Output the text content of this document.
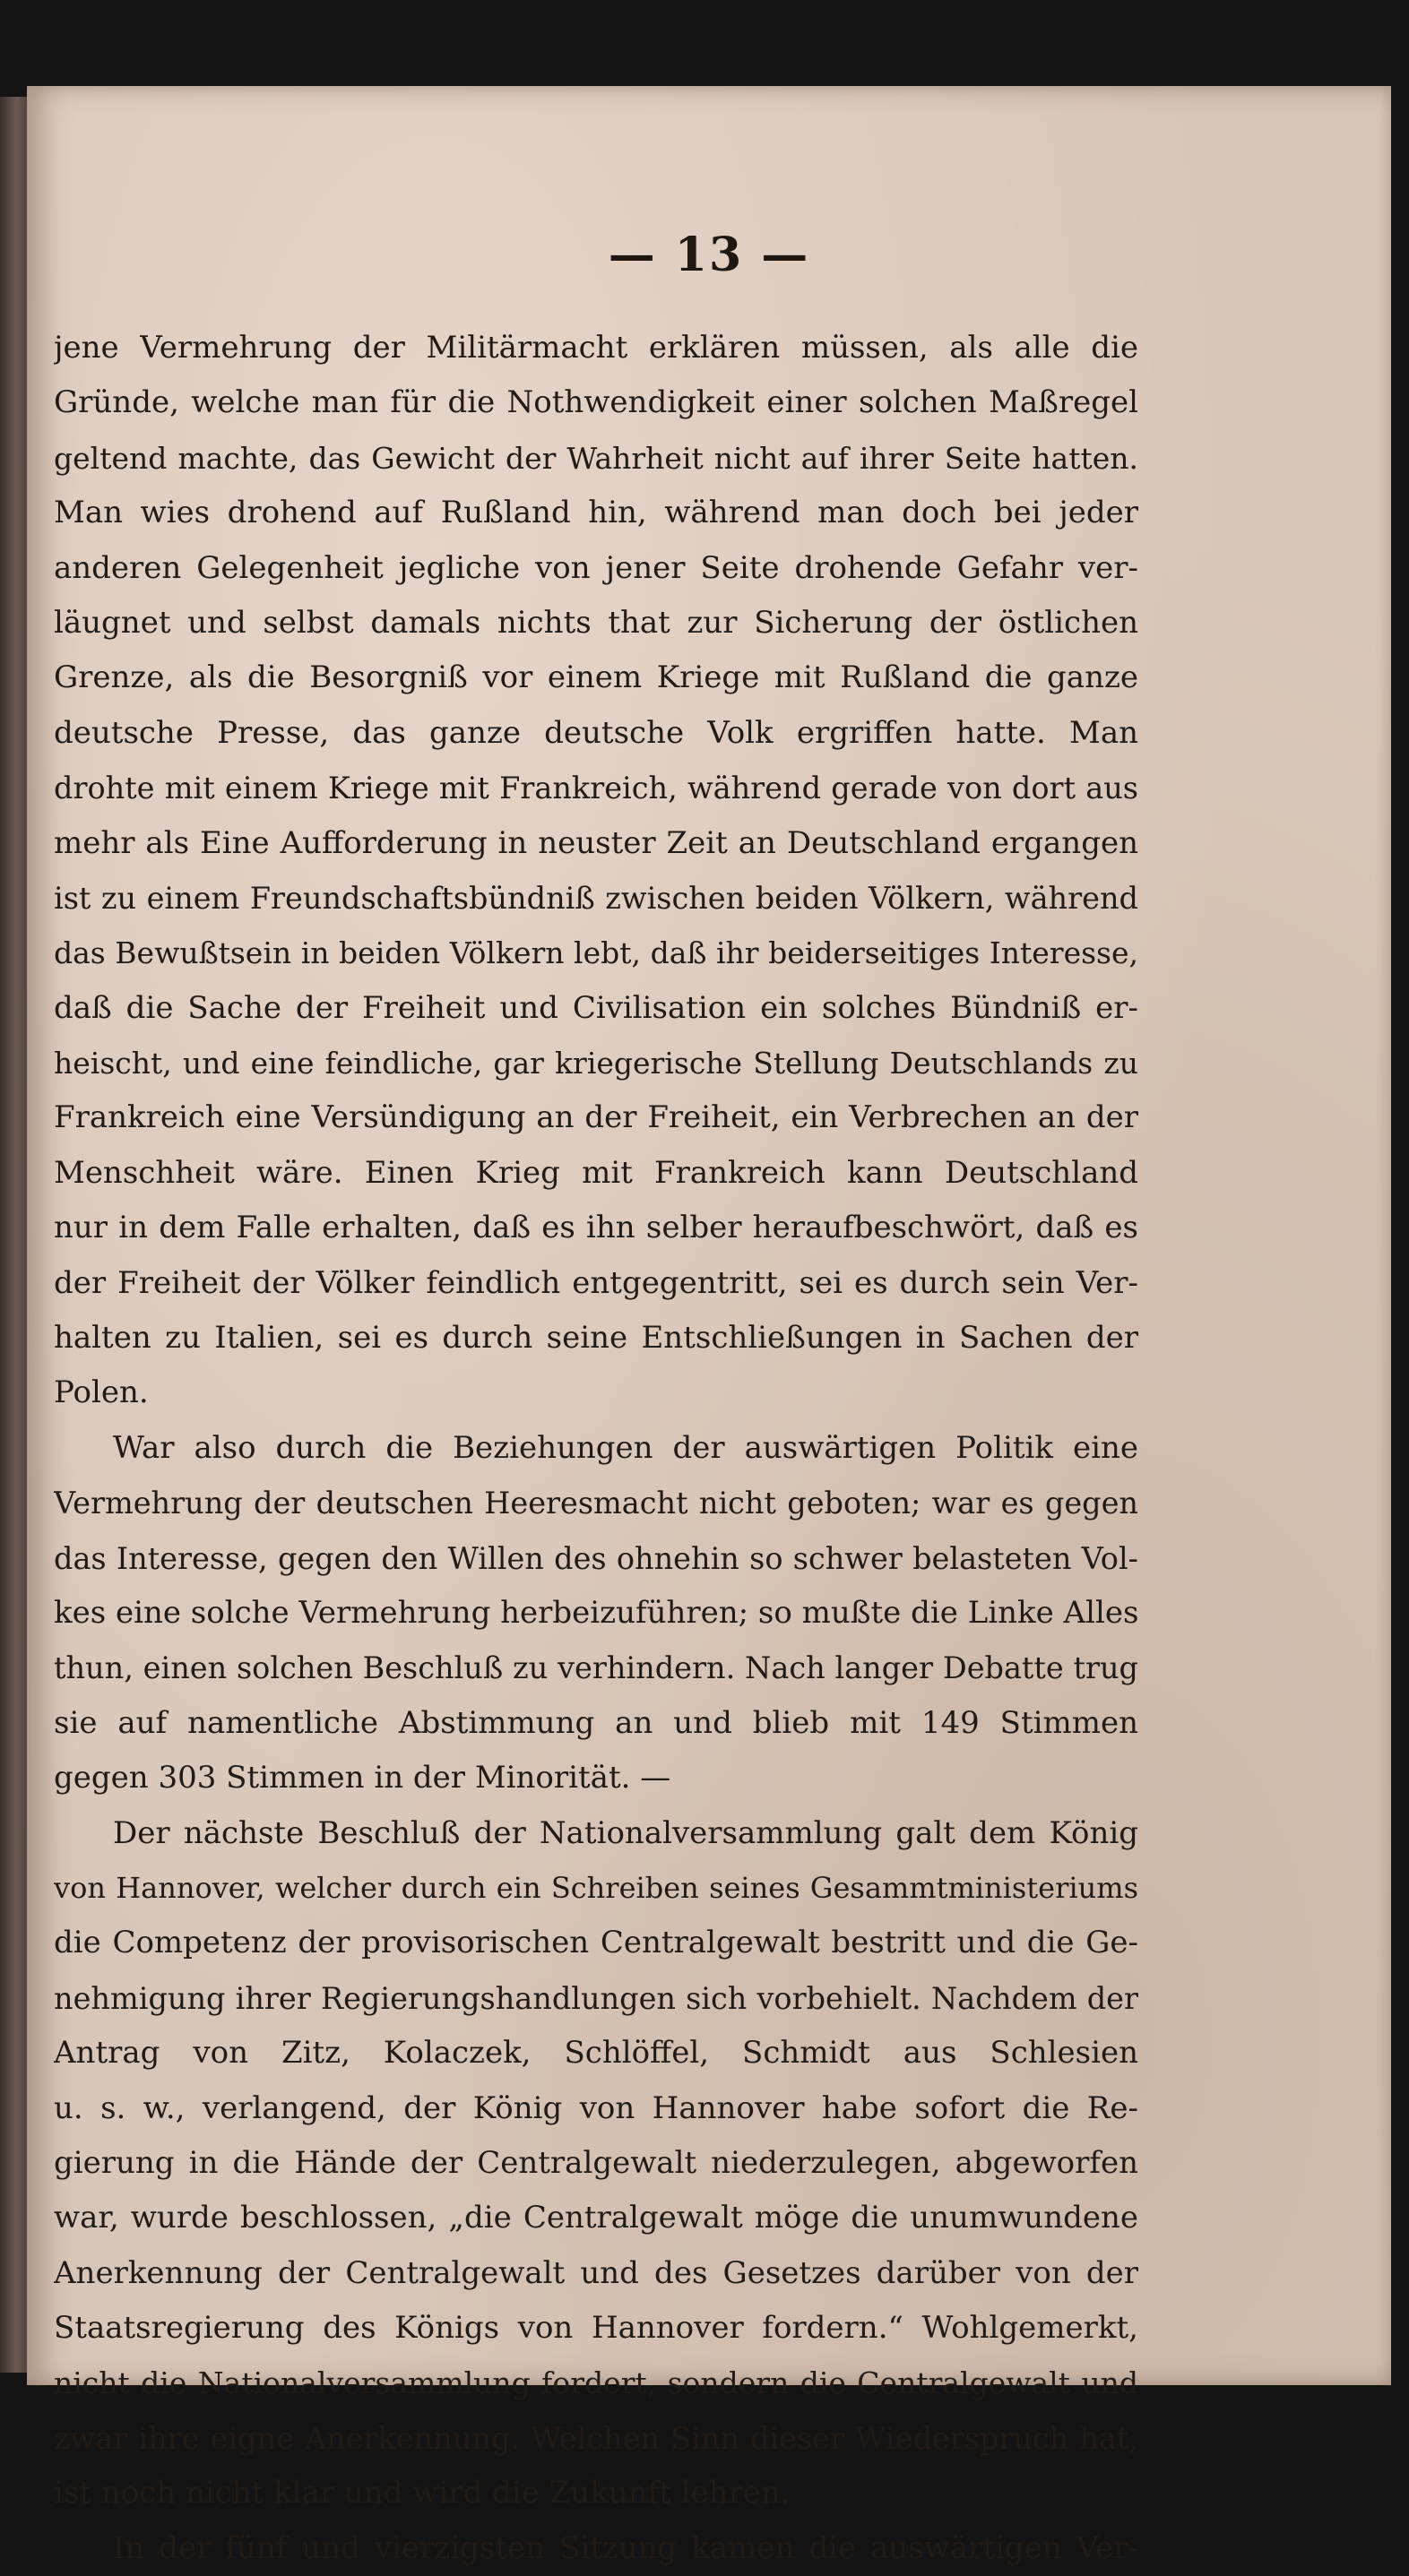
— 13 —
jene Vermehrung der Militärmacht erklären müssen, als alle die
Gründe, welche man für die Nothwendigkeit einer solchen Maßregel
geltend machte, das Gewicht der Wahrheit nicht auf ihrer Seite hatten.
Man wies drohend auf Rußland hin, während man doch bei jeder
anderen Gelegenheit jegliche von jener Seite drohende Gefahr ver-
läugnet und selbst damals nichts that zur Sicherung der östlichen
Grenze, als die Besorgniß vor einem Kriege mit Rußland die ganze
deutsche Presse, das ganze deutsche Volk ergriffen hatte. Man
drohte mit einem Kriege mit Frankreich, während gerade von dort aus
mehr als Eine Aufforderung in neuster Zeit an Deutschland ergangen
ist zu einem Freundschaftsbündniß zwischen beiden Völkern, während
das Bewußtsein in beiden Völkern lebt, daß ihr beiderseitiges Interesse,
daß die Sache der Freiheit und Civilisation ein solches Bündniß er-
heischt, und eine feindliche, gar kriegerische Stellung Deutschlands zu
Frankreich eine Versündigung an der Freiheit, ein Verbrechen an der
Menschheit wäre. Einen Krieg mit Frankreich kann Deutschland
nur in dem Falle erhalten, daß es ihn selber heraufbeschwört, daß es
der Freiheit der Völker feindlich entgegentritt, sei es durch sein Ver-
halten zu Italien, sei es durch seine Entschließungen in Sachen der
Polen.
War also durch die Beziehungen der auswärtigen Politik eine
Vermehrung der deutschen Heeresmacht nicht geboten; war es gegen
das Interesse, gegen den Willen des ohnehin so schwer belasteten Vol-
kes eine solche Vermehrung herbeizuführen; so mußte die Linke Alles
thun, einen solchen Beschluß zu verhindern. Nach langer Debatte trug
sie auf namentliche Abstimmung an und blieb mit 149 Stimmen
gegen 303 Stimmen in der Minorität. —
Der nächste Beschluß der Nationalversammlung galt dem König
von Hannover, welcher durch ein Schreiben seines Gesammtministeriums
die Competenz der provisorischen Centralgewalt bestritt und die Ge-
nehmigung ihrer Regierungshandlungen sich vorbehielt. Nachdem der
Antrag von Zitz, Kolaczek, Schlöffel, Schmidt aus Schlesien
u. s. w., verlangend, der König von Hannover habe sofort die Re-
gierung in die Hände der Centralgewalt niederzulegen, abgeworfen
war, wurde beschlossen, „die Centralgewalt möge die unumwundene
Anerkennung der Centralgewalt und des Gesetzes darüber von der
Staatsregierung des Königs von Hannover fordern.“ Wohlgemerkt,
nicht die Nationalversammlung fordert, sondern die Centralgewalt und
zwar ihre eigne Anerkennung. Welchen Sinn dieser Wiederspruch hat,
ist noch nicht klar und wird die Zukunft lehren.
In der fünf und vierzigsten Sitzung kamen die auswärtigen Ver-
